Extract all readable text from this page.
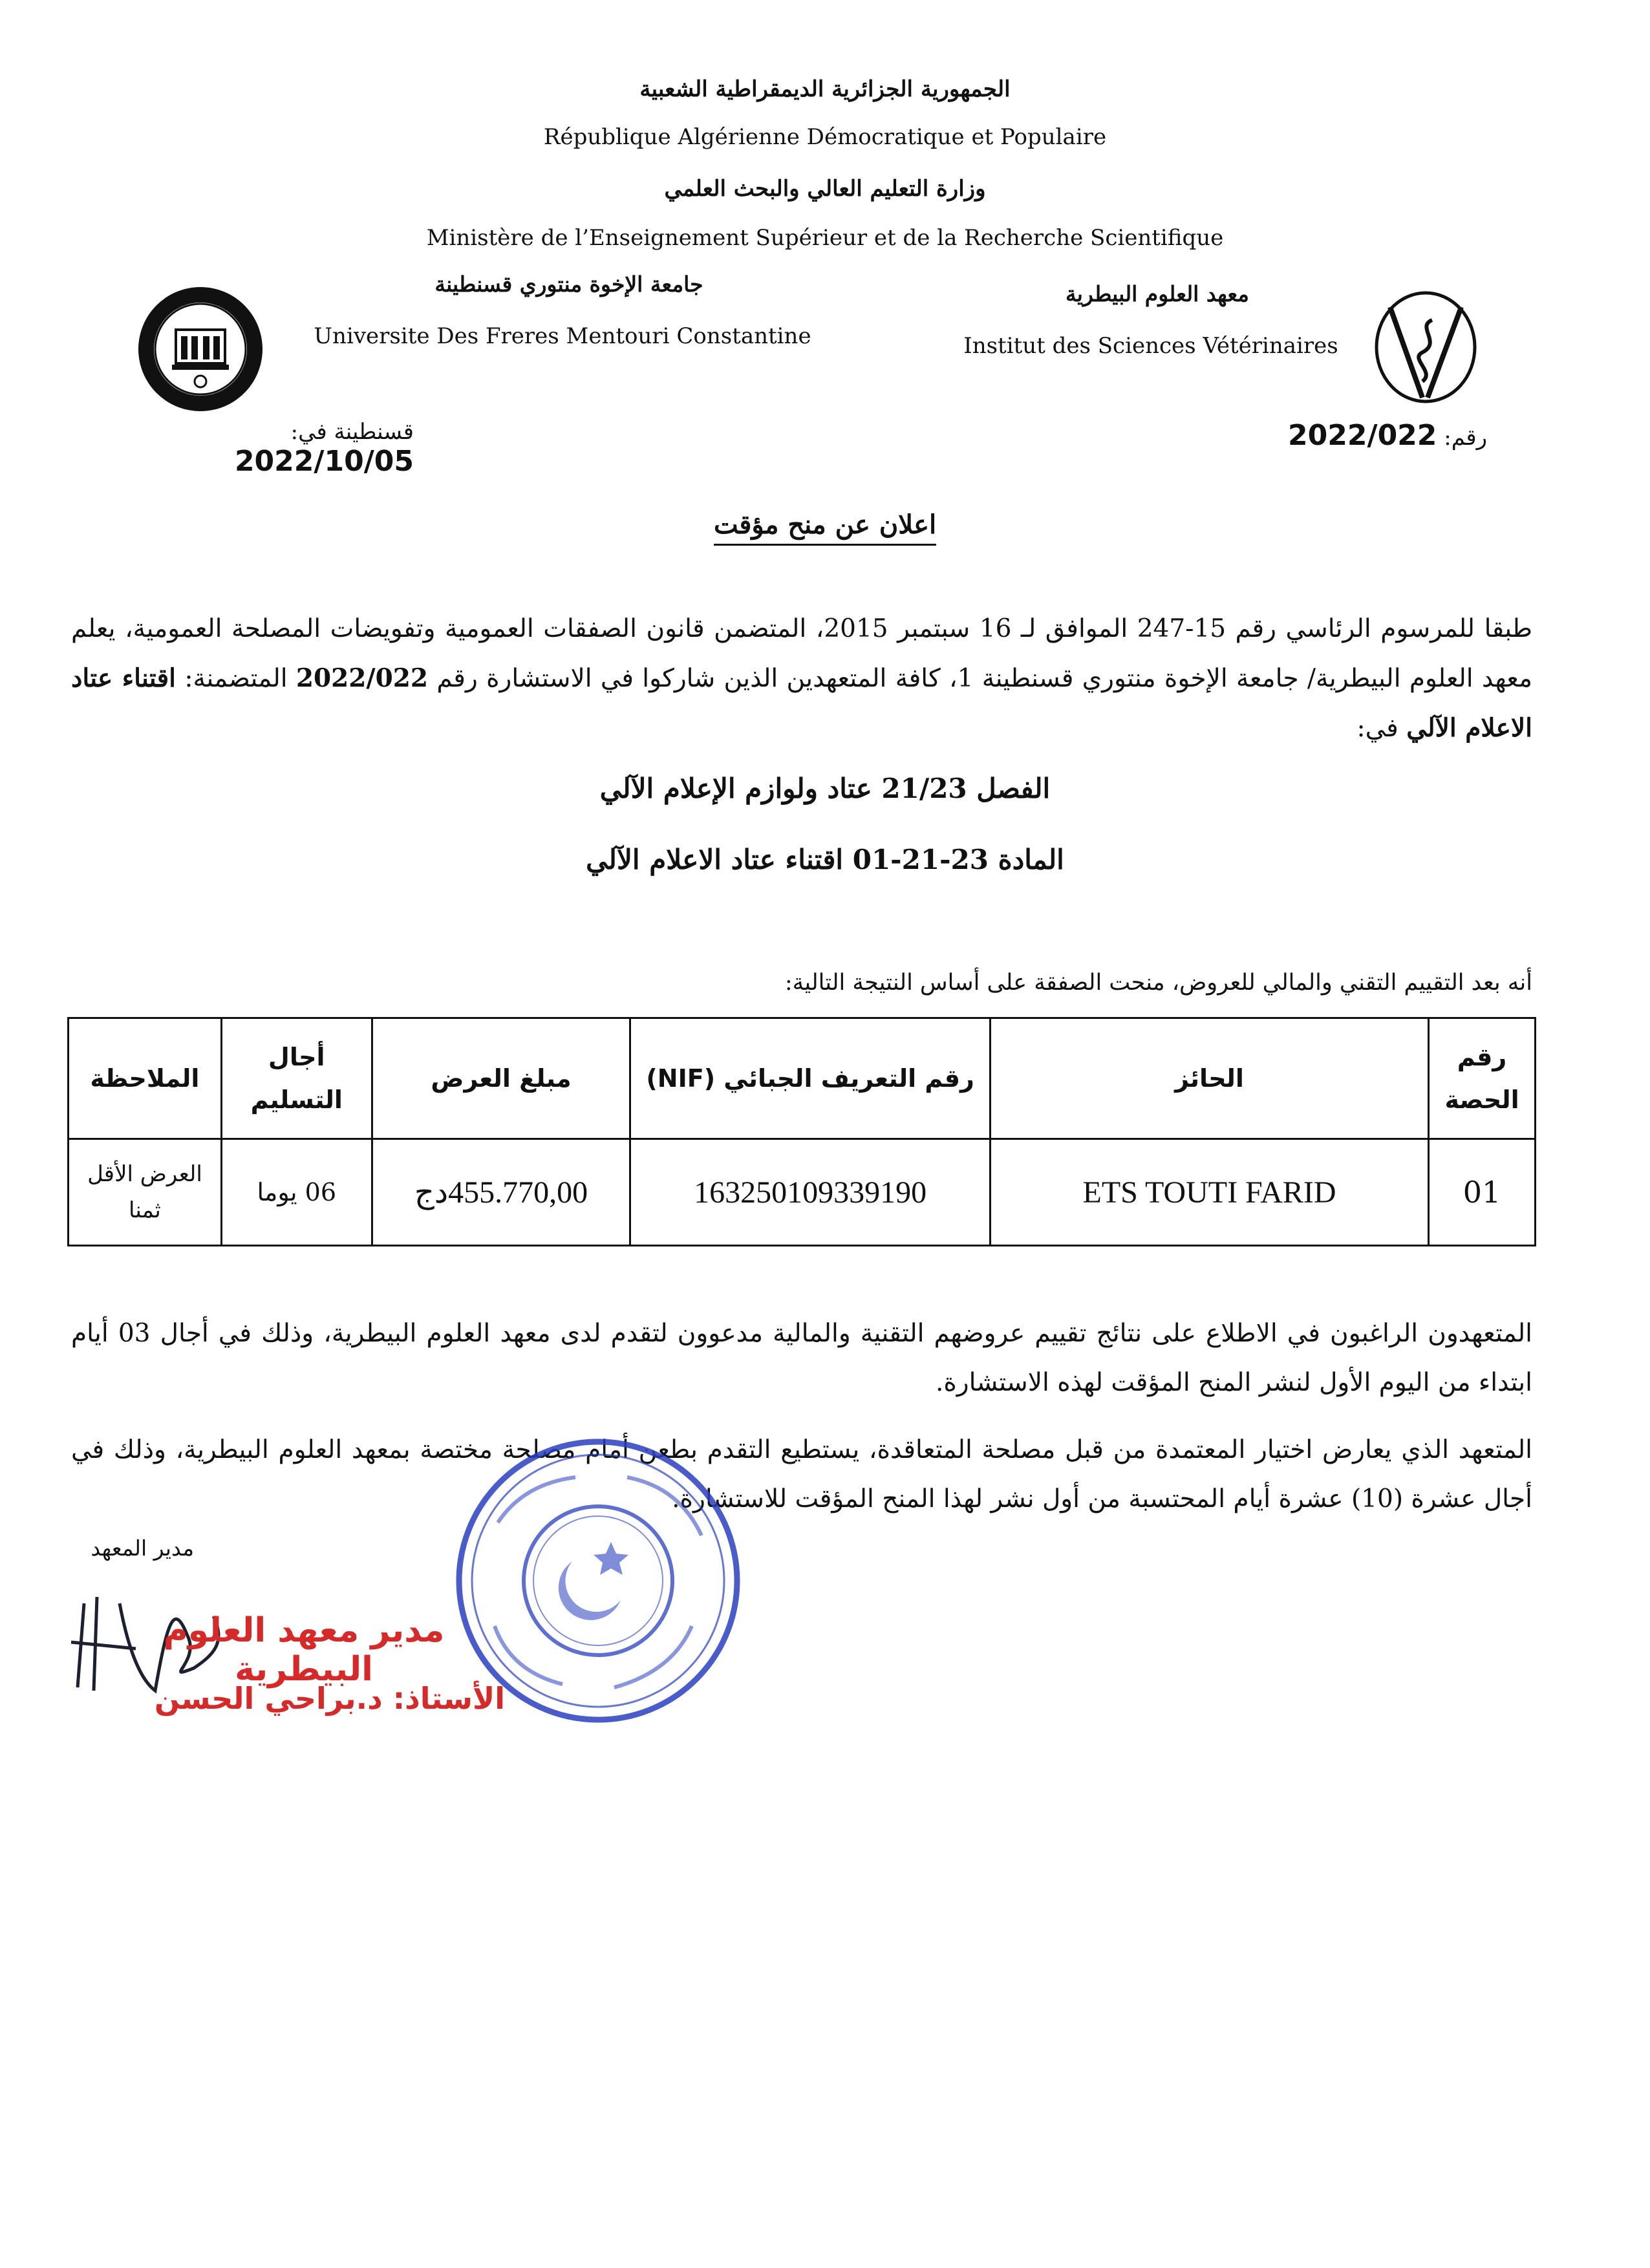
الجمهورية الجزائرية الديمقراطية الشعبية
République Algérienne Démocratique et Populaire
وزارة التعليم العالي والبحث العلمي
Ministère de l’Enseignement Supérieur et de la Recherche Scientifique
جامعة الإخوة منتوري قسنطينة
Universite Des Freres Mentouri Constantine
معهد العلوم البيطرية
Institut des Sciences Vétérinaires
قسنطينة في: 2022/10/05
رقم: 2022/022
اعلان عن منح مؤقت
طبقا للمرسوم الرئاسي رقم 15-247 الموافق لـ 16 سبتمبر 2015، المتضمن قانون الصفقات العمومية وتفويضات المصلحة العمومية، يعلم معهد العلوم البيطرية/ جامعة الإخوة منتوري قسنطينة 1، كافة المتعهدين الذين شاركوا في الاستشارة رقم 2022/022 المتضمنة: اقتناء عتاد الاعلام الآلي في:
الفصل 21/23 عتاد ولوازم الإعلام الآلي
المادة 23-21-01 اقتناء عتاد الاعلام الآلي
أنه بعد التقييم التقني والمالي للعروض، منحت الصفقة على أساس النتيجة التالية:
رقم الحصة	الحائز	رقم التعريف الجبائي (NIF)	مبلغ العرض	أجال التسليم	الملاحظة
01	ETS TOUTI FARID	163250109339190	455.770,00دج	06 يوما	العرض الأقل ثمنا
المتعهدون الراغبون في الاطلاع على نتائج تقييم عروضهم التقنية والمالية مدعوون لتقدم لدى معهد العلوم البيطرية، وذلك في أجال 03 أيام ابتداء من اليوم الأول لنشر المنح المؤقت لهذه الاستشارة.
المتعهد الذي يعارض اختيار المعتمدة من قبل مصلحة المتعاقدة، يستطيع التقدم بطعن أمام مصلحة مختصة بمعهد العلوم البيطرية، وذلك في أجال عشرة (10) عشرة أيام المحتسبة من أول نشر لهذا المنح المؤقت للاستشارة.
مدير المعهد
مدير معهد العلوم البيطرية
الأستاذ: د.براحي الحسن
